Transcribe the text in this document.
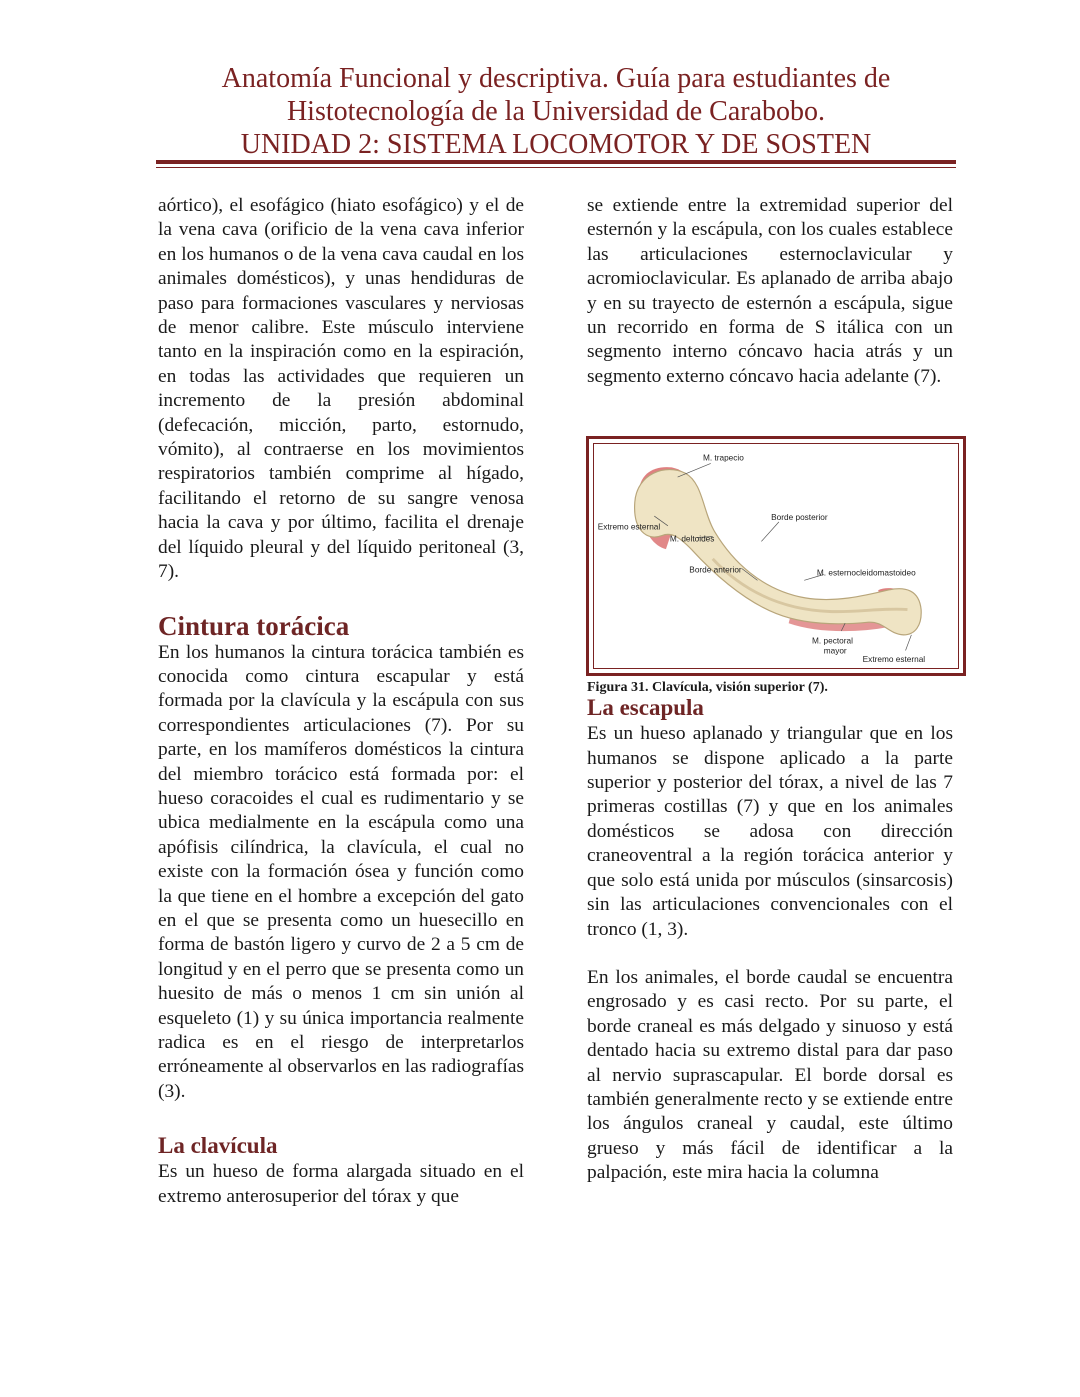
Anatomía Funcional y descriptiva. Guía para estudiantes de
Histotecnología de la Universidad de Carabobo.
UNIDAD 2: SISTEMA LOCOMOTOR Y DE SOSTEN

aórtico), el esofágico (hiato esofágico) y el de la vena cava (orificio de la vena cava inferior en los humanos o de la vena cava caudal en los animales domésticos), y unas hendiduras de paso para formaciones vasculares y nerviosas de menor calibre. Este músculo interviene tanto en la inspiración como en la espiración, en todas las actividades que requieren un incremento de la presión abdominal (defecación, micción, parto, estornudo, vómito), al contraerse en los movimientos respiratorios también comprime al hígado, facilitando el retorno de su sangre venosa hacia la cava y por último, facilita el drenaje del líquido pleural y del líquido peritoneal (3, 7).

Cintura torácica

En los humanos la cintura torácica también es conocida como cintura escapular y está formada por la clavícula y la escápula con sus correspondientes articulaciones (7). Por su parte, en los mamíferos domésticos la cintura del miembro torácico está formada por: el hueso coracoides el cual es rudimentario y se ubica medialmente en la escápula como una apófisis cilíndrica, la clavícula, el cual no existe con la formación ósea y función como la que tiene en el hombre a excepción del gato en el que se presenta como un huesecillo en forma de bastón ligero y curvo de 2 a 5 cm de longitud y en el perro que se presenta como un huesito de más o menos 1 cm sin unión al esqueleto (1) y su única importancia realmente radica es en el riesgo de interpretarlos erróneamente al observarlos en las radiografías (3).

La clavícula

Es un hueso de forma alargada situado en el extremo anterosuperior del tórax y que

se extiende entre la extremidad superior del esternón y la escápula, con los cuales establece las articulaciones esternoclavicular y acromioclavicular. Es aplanado de arriba abajo y en su trayecto de esternón a escápula, sigue un recorrido en forma de S itálica con un segmento interno cóncavo hacia atrás y un segmento externo cóncavo hacia adelante (7).

La escapula

Es un hueso aplanado y triangular que en los humanos se dispone aplicado a la parte superior y posterior del tórax, a nivel de las 7 primeras costillas (7) y que en los animales domésticos se adosa con dirección craneoventral a la región torácica anterior y que solo está unida por músculos (sinsarcosis) sin las articulaciones convencionales con el tronco (1, 3).

En los animales, el borde caudal se encuentra engrosado y es casi recto. Por su parte, el borde craneal es más delgado y sinuoso y está dentado hacia su extremo distal para dar paso al nervio suprascapular. El borde dorsal es también generalmente recto y se extiende entre los ángulos craneal y caudal, este último grueso y más fácil de identificar a la palpación, este mira hacia la columna

M. trapecio
Extremo esternal
Borde posterior
M. deltoides
Borde anterior	M. esternocleidomastoideo
M. pectoral
mayor
Extremo esternal
Figura 31. Clavícula, visión superior (7).
